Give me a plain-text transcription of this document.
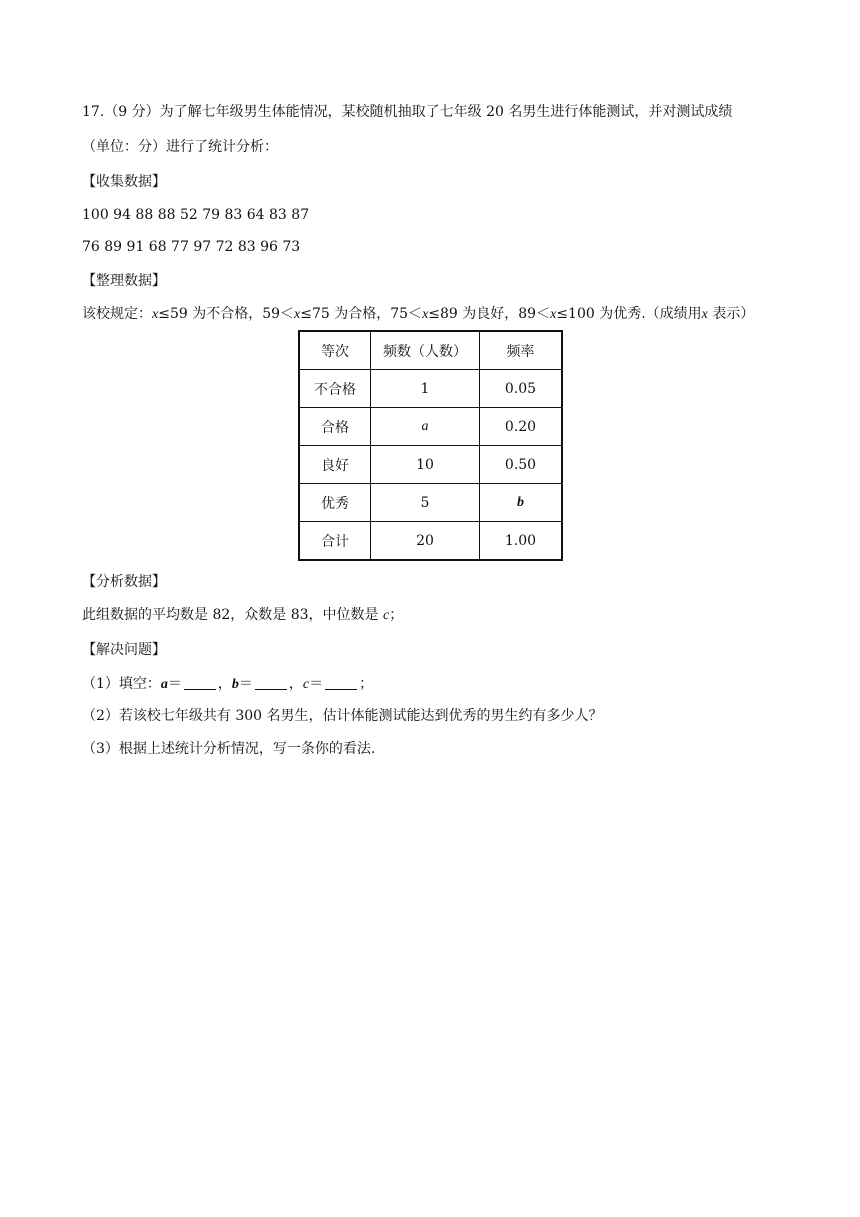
17.（9 分）为了解七年级男生体能情况，某校随机抽取了七年级 20 名男生进行体能测试，并对测试成绩
（单位：分）进行了统计分析：
【收集数据】
100 94 88 88 52 79 83 64 83 87
76 89 91 68 77 97 72 83 96 73
【整理数据】
该校规定：x≤59 为不合格，59＜x≤75 为合格，75＜x≤89 为良好，89＜x≤100 为优秀.（成绩用x 表示）
等次	频数（人数）	频率
不合格	1	0.05
合格	a	0.20
良好	10	0.50
优秀	5	b
合计	20	1.00
【分析数据】
此组数据的平均数是 82，众数是 83，中位数是 c；
【解决问题】
（1）填空：a＝	，b＝	，c＝	；
（2）若该校七年级共有 300 名男生，估计体能测试能达到优秀的男生约有多少人？
（3）根据上述统计分析情况，写一条你的看法.
